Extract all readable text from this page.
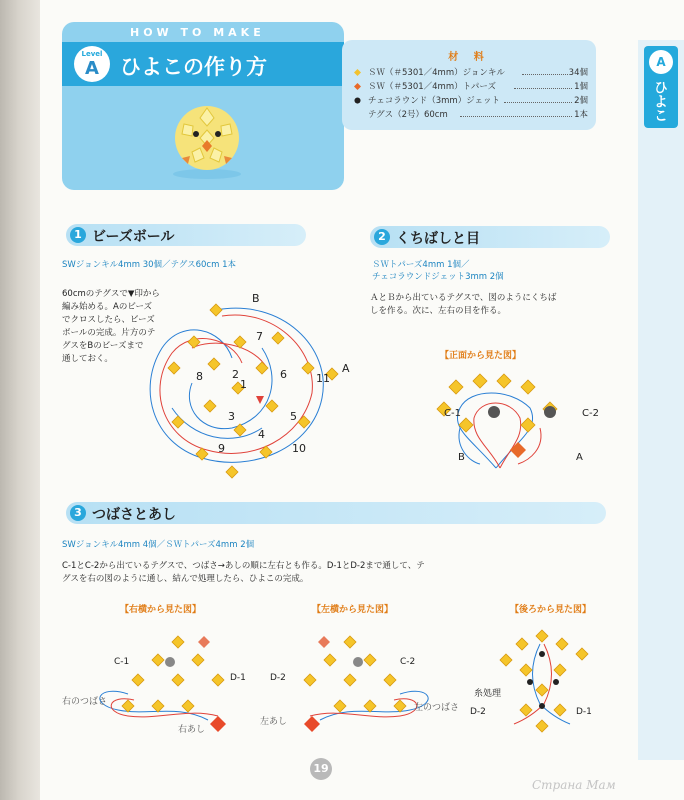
HOW TO MAKE
Level
A	ひよこの作り方	材 料
ＳＷ（＃5301／4mm）ジョンキル	34個
ＳＷ（＃5301／4mm）トパーズ	1個
チェコラウンド（3mm）ジェット	2個
テグス（2号）60cm	1本
A
ひよこ
1 ビーズボール
SWジョンキル4mm 30個／テグス60cm 1本
60cmのテグスで▼印から
編み始める。Aのビーズ
でクロスしたら、ビーズ
ボールの完成。片方のテ
グスをBのビーズまで
通しておく。
B
A
1
2
3
4
5
6
7
8
9	10
11
2 くちばしと目
ＳＷトパーズ4mm 1個／
チェコラウンドジェット3mm 2個
ＡとＢから出ているテグスで、図のようにくちば
しを作る。次に、左右の目を作る。
【正面から見た図】
C-1	C-2
B	A
3 つばさとあし
SWジョンキル4mm 4個／ＳＷトパーズ4mm 2個
C-1とC-2から出ているテグスで、つばさ→あしの順に左右とも作る。D-1とD-2まで通して、テ
グスを右の図のように通し、結んで処理したら、ひよこの完成。
【右横から見た図】
C-1
D-1
右のつばさ
右あし
【左横から見た図】
C-2
D-2
左のつばさ
左あし
【後ろから見た図】
糸処理
D-2	D-1
19
Страна Мам
